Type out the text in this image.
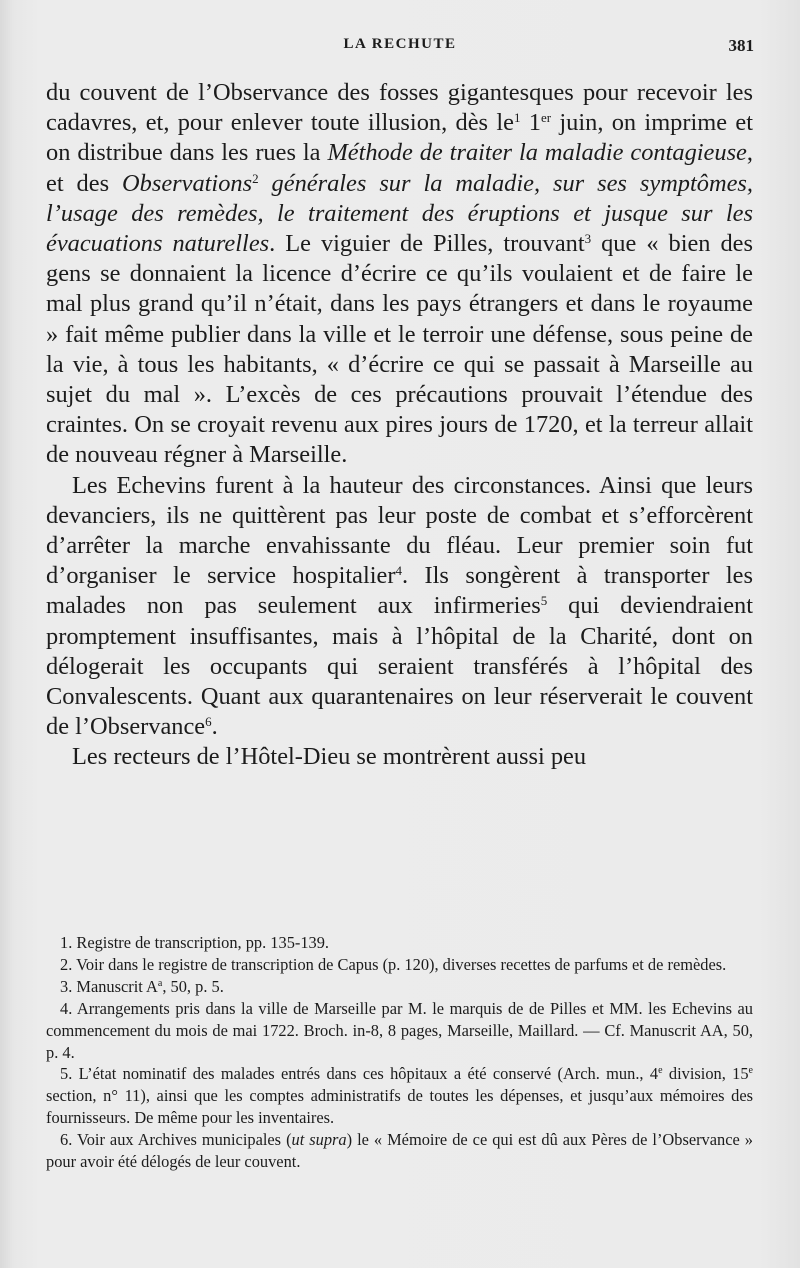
LA RECHUTE	381

du couvent de l’Observance des fosses gigantesques pour recevoir les cadavres, et, pour enlever toute illusion, dès $le^1$ 1er juin, on imprime et on distribue dans les rues la Méthode de traiter la maladie contagieuse, et des Observations$^2$ générales sur la maladie, sur ses symptômes, l’usage des remèdes, le traitement des éruptions et jusque sur les évacuations naturelles. Le viguier de Pilles, trouvant$^3$ que « bien des gens se donnaient la licence d’écrire ce qu’ils voulaient et de faire le mal plus grand qu’il n’était, dans les pays étrangers et dans le royaume » fait même publier dans la ville et le terroir une défense, sous peine de la vie, à tous les habitants, « d’écrire ce qui se passait à Marseille au sujet du mal ». L’excès de ces précautions prouvait l’étendue des craintes. On se croyait revenu aux pires jours de 1720, et la terreur allait de nouveau régner à Marseille.

Les Echevins furent à la hauteur des circonstances. Ainsi que leurs devanciers, ils ne quittèrent pas leur poste de combat et s’efforcèrent d’arrêter la marche envahissante du fléau. Leur premier soin fut d’organiser le service hospitalier$^4$. Ils songèrent à transporter les malades non pas seulement aux infirmeries$^5$ qui deviendraient promptement insuffisantes, mais à l’hôpital de la Charité, dont on délogerait les occupants qui seraient transférés à l’hôpital des Convalescents. Quant aux quarantenaires on leur réserverait le couvent de l’Observance$^6$.

Les recteurs de l’Hôtel-Dieu se montrèrent aussi peu

1. Registre de transcription, pp. 135-139.

2. Voir dans le registre de transcription de Capus (p. 120), diverses recettes de parfums et de remèdes.

3. Manuscrit $A^a$, 50, p. 5.

4. Arrangements pris dans la ville de Marseille par M. le marquis de de Pilles et MM. les Echevins au commencement du mois de mai 1722. Broch. in-8, 8 pages, Marseille, Maillard. — Cf. Manuscrit AA, 50, p. 4.

5. L’état nominatif des malades entrés dans ces hôpitaux a été conservé (Arch. mun., 4e division, 15e section, n° 11), ainsi que les comptes administratifs de toutes les dépenses, et jusqu’aux mémoires des fournisseurs. De même pour les inventaires.

6. Voir aux Archives municipales (ut supra) le « Mémoire de ce qui est dû aux Pères de l’Observance » pour avoir été délogés de leur couvent.
